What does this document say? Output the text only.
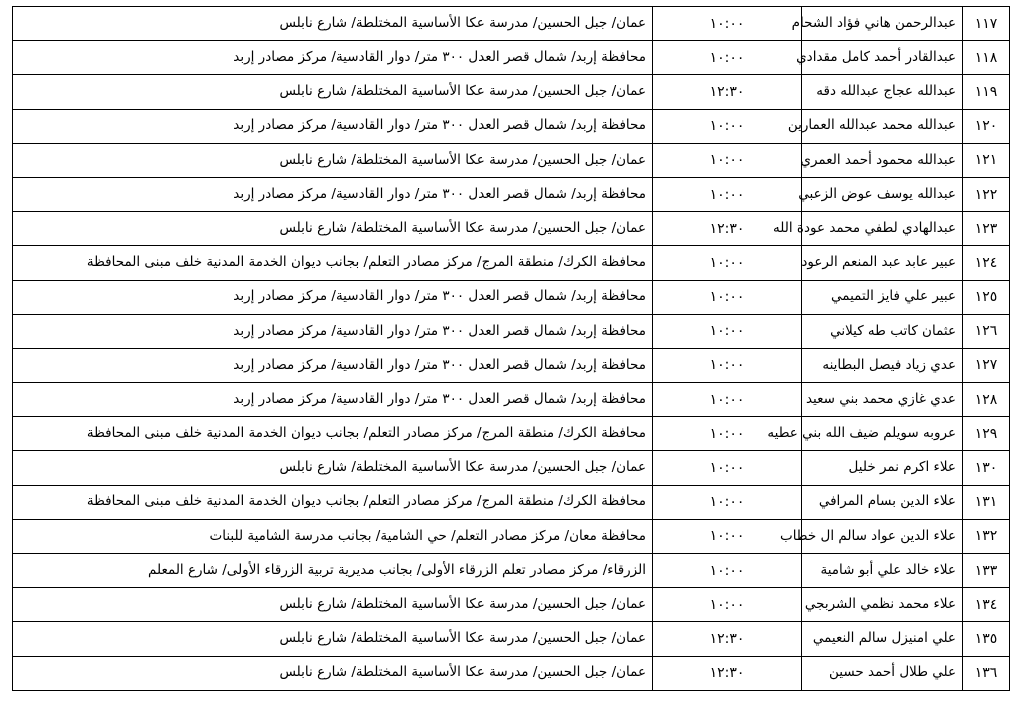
١١٧	عبدالرحمن هاني فؤاد الشحام	١٠:٠٠	عمان/ جبل الحسين/ مدرسة عكا الأساسية المختلطة/ شارع نابلس
١١٨	عبدالقادر أحمد كامل مقدادي	١٠:٠٠	محافظة إربد/ شمال قصر العدل ٣٠٠ متر/ دوار القادسية/ مركز مصادر إربد
١١٩	عبدالله عجاج عبدالله دقه	١٢:٣٠	عمان/ جبل الحسين/ مدرسة عكا الأساسية المختلطة/ شارع نابلس
١٢٠	عبدالله محمد عبدالله العمارين	١٠:٠٠	محافظة إربد/ شمال قصر العدل ٣٠٠ متر/ دوار القادسية/ مركز مصادر إربد
١٢١	عبدالله محمود أحمد العمري	١٠:٠٠	عمان/ جبل الحسين/ مدرسة عكا الأساسية المختلطة/ شارع نابلس
١٢٢	عبدالله يوسف عوض الزعبي	١٠:٠٠	محافظة إربد/ شمال قصر العدل ٣٠٠ متر/ دوار القادسية/ مركز مصادر إربد
١٢٣	عبدالهادي لطفي محمد عودة الله	١٢:٣٠	عمان/ جبل الحسين/ مدرسة عكا الأساسية المختلطة/ شارع نابلس
١٢٤	عبير عابد عبد المنعم الرعود	١٠:٠٠	محافظة الكرك/ منطقة المرج/ مركز مصادر التعلم/ بجانب ديوان الخدمة المدنية خلف مبنى المحافظة
١٢٥	عبير علي فايز التميمي	١٠:٠٠	محافظة إربد/ شمال قصر العدل ٣٠٠ متر/ دوار القادسية/ مركز مصادر إربد
١٢٦	عثمان كاتب طه كيلاني	١٠:٠٠	محافظة إربد/ شمال قصر العدل ٣٠٠ متر/ دوار القادسية/ مركز مصادر إربد
١٢٧	عدي زياد فيصل البطاينه	١٠:٠٠	محافظة إربد/ شمال قصر العدل ٣٠٠ متر/ دوار القادسية/ مركز مصادر إربد
١٢٨	عدي غازي محمد بني سعيد	١٠:٠٠	محافظة إربد/ شمال قصر العدل ٣٠٠ متر/ دوار القادسية/ مركز مصادر إربد
١٢٩	عروبه سويلم ضيف الله بني عطيه	١٠:٠٠	محافظة الكرك/ منطقة المرج/ مركز مصادر التعلم/ بجانب ديوان الخدمة المدنية خلف مبنى المحافظة
١٣٠	علاء اكرم نمر خليل	١٠:٠٠	عمان/ جبل الحسين/ مدرسة عكا الأساسية المختلطة/ شارع نابلس
١٣١	علاء الدين بسام المرافي	١٠:٠٠	محافظة الكرك/ منطقة المرج/ مركز مصادر التعلم/ بجانب ديوان الخدمة المدنية خلف مبنى المحافظة
١٣٢	علاء الدين عواد سالم ال خطاب	١٠:٠٠	محافظة معان/ مركز مصادر التعلم/ حي الشامية/ بجانب مدرسة الشامية للبنات
١٣٣	علاء خالد علي أبو شامية	١٠:٠٠	الزرقاء/ مركز مصادر تعلم الزرقاء الأولى/ بجانب مديرية تربية الزرقاء الأولى/ شارع المعلم
١٣٤	علاء محمد نظمي الشربجي	١٠:٠٠	عمان/ جبل الحسين/ مدرسة عكا الأساسية المختلطة/ شارع نابلس
١٣٥	علي امنيزل سالم النعيمي	١٢:٣٠	عمان/ جبل الحسين/ مدرسة عكا الأساسية المختلطة/ شارع نابلس
١٣٦	علي طلال أحمد حسين	١٢:٣٠	عمان/ جبل الحسين/ مدرسة عكا الأساسية المختلطة/ شارع نابلس
